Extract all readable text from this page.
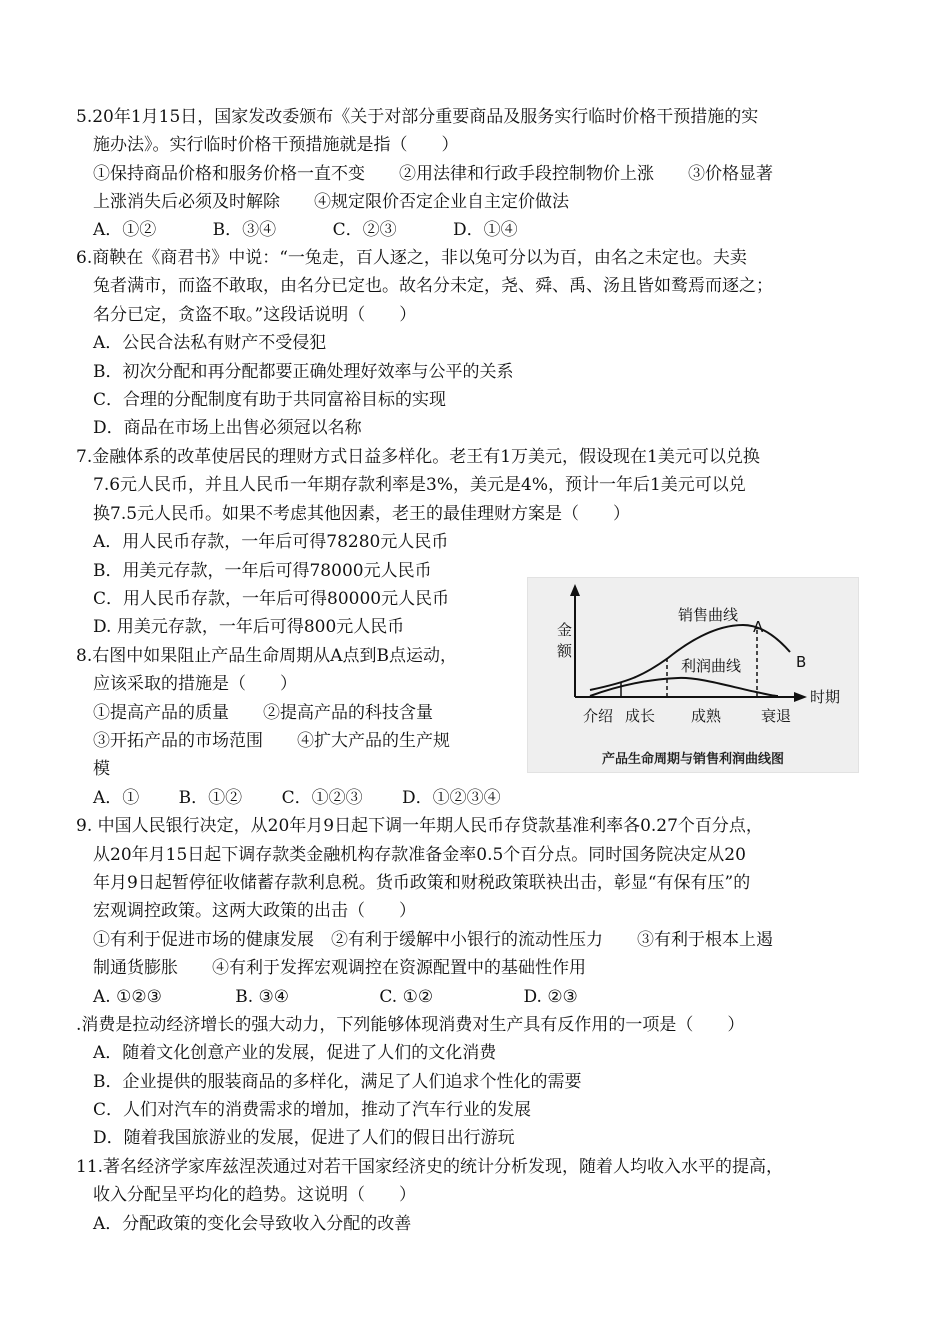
5.20年1月15日，国家发改委颁布《关于对部分重要商品及服务实行临时价格干预措施的实
施办法》。实行临时价格干预措施就是指（　　）
①保持商品价格和服务价格一直不变　　②用法律和行政手段控制物价上涨　　③价格显著
上涨消失后必须及时解除　　④规定限价否定企业自主定价做法
A．①②　　　 B．③④　　　 C．②③　　　 D．①④
6.商鞅在《商君书》中说：“一兔走，百人逐之，非以兔可分以为百，由名之未定也。夫卖
兔者满市，而盗不敢取，由名分已定也。故名分未定，尧、舜、禹、汤且皆如鹜焉而逐之；
名分已定，贪盗不取。”这段话说明（　　）
A．公民合法私有财产不受侵犯
B．初次分配和再分配都要正确处理好效率与公平的关系
C．合理的分配制度有助于共同富裕目标的实现
D．商品在市场上出售必须冠以名称
7.金融体系的改革使居民的理财方式日益多样化。老王有1万美元，假设现在1美元可以兑换
7.6元人民币，并且人民币一年期存款利率是3%，美元是4%，预计一年后1美元可以兑
换7.5元人民币。如果不考虑其他因素，老王的最佳理财方案是（　　）
A．用人民币存款，一年后可得78280元人民币
B．用美元存款，一年后可得78000元人民币
C．用人民币存款，一年后可得80000元人民币
D. 用美元存款，一年后可得800元人民币
8.右图中如果阻止产品生命周期从A点到B点运动，
应该采取的措施是（　　）
①提高产品的质量　　②提高产品的科技含量
③开拓产品的市场范围　　④扩大产品的生产规
模
A．①　　 B．①②　　 C．①②③　　 D．①②③④
金
额
时期
销售曲线
利润曲线
A
B
介绍 成长 成熟	衰退
产品生命周期与销售利润曲线图
9. 中国人民银行决定，从20年月9日起下调一年期人民币存贷款基准利率各0.27个百分点，
从20年月15日起下调存款类金融机构存款准备金率0.5个百分点。同时国务院决定从20
年月9日起暂停征收储蓄存款利息税。货币政策和财税政策联袂出击，彰显“有保有压”的
宏观调控政策。这两大政策的出击（　　）
①有利于促进市场的健康发展　②有利于缓解中小银行的流动性压力　　③有利于根本上遏
制通货膨胀　　④有利于发挥宏观调控在资源配置中的基础性作用
A. ①②③　　　　 B. ③④　　　　　 C. ①②　　　　　 D. ②③
.消费是拉动经济增长的强大动力，下列能够体现消费对生产具有反作用的一项是（　　）
A．随着文化创意产业的发展，促进了人们的文化消费
B．企业提供的服装商品的多样化，满足了人们追求个性化的需要
C．人们对汽车的消费需求的增加，推动了汽车行业的发展
D．随着我国旅游业的发展，促进了人们的假日出行游玩
11.著名经济学家库兹涅茨通过对若干国家经济史的统计分析发现，随着人均收入水平的提高，
收入分配呈平均化的趋势。这说明（　　）
A．分配政策的变化会导致收入分配的改善
